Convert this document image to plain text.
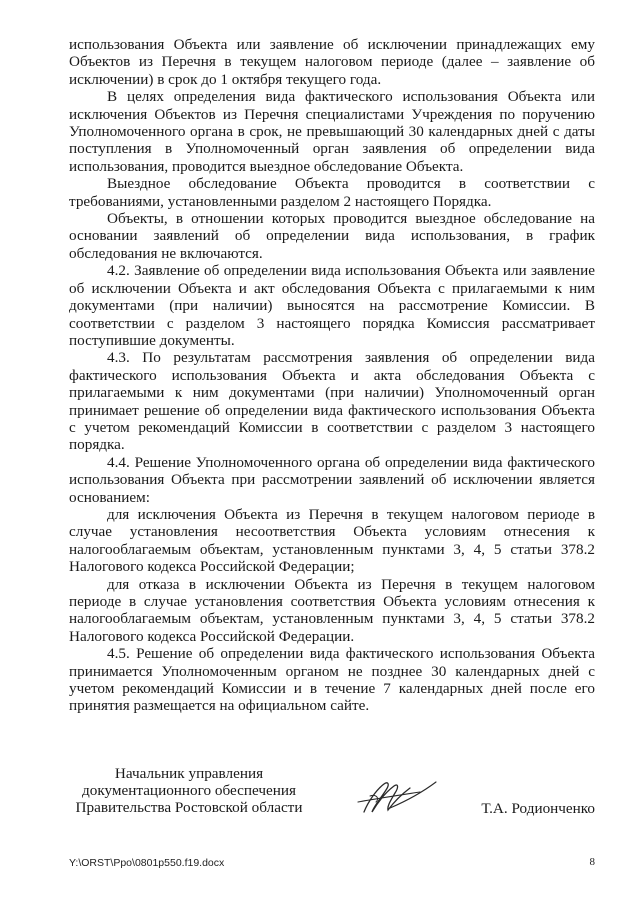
использования Объекта или заявление об исключении принадлежащих ему Объектов из Перечня в текущем налоговом периоде (далее – заявление об исключении) в срок до 1 октября текущего года.

В целях определения вида фактического использования Объекта или исключения Объектов из Перечня специалистами Учреждения по поручению Уполномоченного органа в срок, не превышающий 30 календарных дней с даты поступления в Уполномоченный орган заявления об определении вида использования, проводится выездное обследование Объекта.

Выездное обследование Объекта проводится в соответствии с требованиями, установленными разделом 2 настоящего Порядка.

Объекты, в отношении которых проводится выездное обследование на основании заявлений об определении вида использования, в график обследования не включаются.

4.2. Заявление об определении вида использования Объекта или заявление об исключении Объекта и акт обследования Объекта с прилагаемыми к ним документами (при наличии) выносятся на рассмотрение Комиссии. В соответствии с разделом 3 настоящего порядка Комиссия рассматривает поступившие документы.

4.3. По результатам рассмотрения заявления об определении вида фактического использования Объекта и акта обследования Объекта с прилагаемыми к ним документами (при наличии) Уполномоченный орган принимает решение об определении вида фактического использования Объекта с учетом рекомендаций Комиссии в соответствии с разделом 3 настоящего порядка.

4.4. Решение Уполномоченного органа об определении вида фактического использования Объекта при рассмотрении заявлений об исключении является основанием:

для исключения Объекта из Перечня в текущем налоговом периоде в случае установления несоответствия Объекта условиям отнесения к налогооблагаемым объектам, установленным пунктами 3, 4, 5 статьи 378.2 Налогового кодекса Российской Федерации;

для отказа в исключении Объекта из Перечня в текущем налоговом периоде в случае установления соответствия Объекта условиям отнесения к налогооблагаемым объектам, установленным пунктами 3, 4, 5 статьи 378.2 Налогового кодекса Российской Федерации.

4.5. Решение об определении вида фактического использования Объекта принимается Уполномоченным органом не позднее 30 календарных дней с учетом рекомендаций Комиссии и в течение 7 календарных дней после его принятия размещается на официальном сайте.

Начальник управления
документационного обеспечения
Правительства Ростовской области	Т.А. Родионченко
Y:\ORST\Ppo\0801p550.f19.docx	8
